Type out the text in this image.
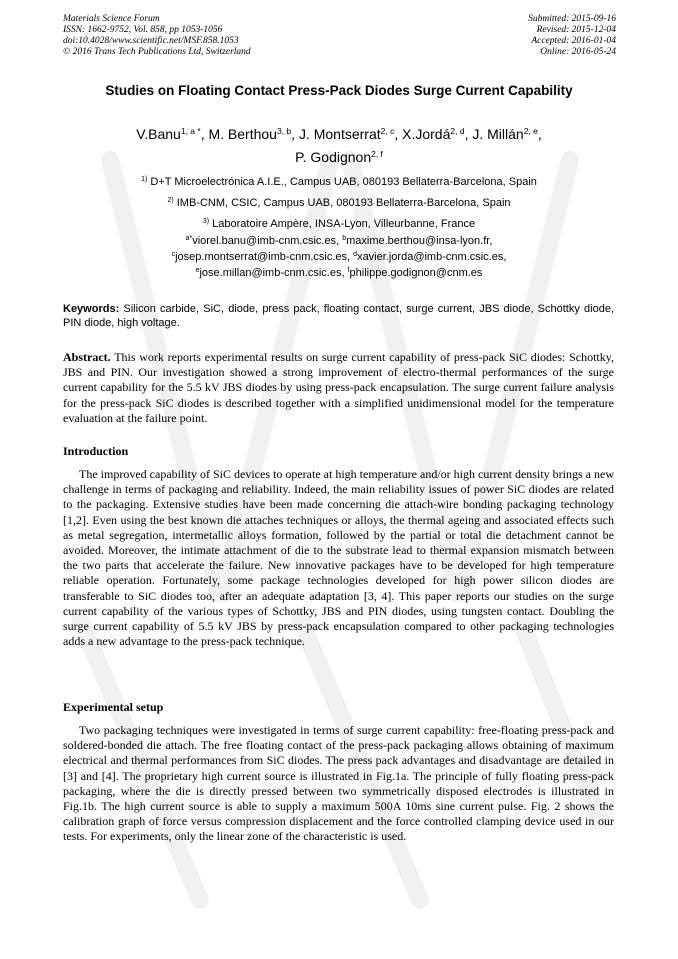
Materials Science Forum
ISSN: 1662-9752, Vol. 858, pp 1053-1056
doi:10.4028/www.scientific.net/MSF.858.1053
© 2016 Trans Tech Publications Ltd, Switzerland
Submitted: 2015-09-16
Revised: 2015-12-04
Accepted: 2016-01-04
Online: 2016-05-24
Studies on Floating Contact Press-Pack Diodes Surge Current Capability
V.Banu$^{1, a *}$, M. Berthou$^{3, b}$, J. Montserrat$^{2, c}$, X.Jordá$^{2, d}$, J. Millán$^{2, e}$,
P. Godignon$^{2, f}$
$^{1)}$ D+T Microelectrónica A.I.E., Campus UAB, 080193 Bellaterra-Barcelona, Spain
$^{2)}$ IMB-CNM, CSIC, Campus UAB, 080193 Bellaterra-Barcelona, Spain
$^{3)}$ Laboratoire Ampère, INSA-Lyon, Villeurbanne, France
$^{a*}$viorel.banu@imb-cnm.csic.es, $^b$maxime.berthou@insa-lyon.fr,
$^c$josep.montserrat@imb-cnm.csic.es, $^d$xavier.jorda@imb-cnm.csic.es,
$^e$jose.millan@imb-cnm.csic.es, $^f$philippe.godignon@cnm.es
Keywords: Silicon carbide, SiC, diode, press pack, floating contact, surge current, JBS diode, Schottky diode, PIN diode, high voltage.
Abstract. This work reports experimental results on surge current capability of press-pack SiC diodes: Schottky, JBS and PIN. Our investigation showed a strong improvement of electro-thermal performances of the surge current capability for the 5.5 kV JBS diodes by using press-pack encapsulation. The surge current failure analysis for the press-pack SiC diodes is described together with a simplified unidimensional model for the temperature evaluation at the failure point.
Introduction
The improved capability of SiC devices to operate at high temperature and/or high current density brings a new challenge in terms of packaging and reliability. Indeed, the main reliability issues of power SiC diodes are related to the packaging. Extensive studies have been made concerning die attach-wire bonding packaging technology [1,2]. Even using the best known die attaches techniques or alloys, the thermal ageing and associated effects such as metal segregation, intermetallic alloys formation, followed by the partial or total die detachment cannot be avoided. Moreover, the intimate attachment of die to the substrate lead to thermal expansion mismatch between the two parts that accelerate the failure. New innovative packages have to be developed for high temperature reliable operation. Fortunately, some package technologies developed for high power silicon diodes are transferable to SiC diodes too, after an adequate adaptation [3, 4]. This paper reports our studies on the surge current capability of the various types of Schottky, JBS and PIN diodes, using tungsten contact. Doubling the surge current capability of 5.5 kV JBS by press-pack encapsulation compared to other packaging technologies adds a new advantage to the press-pack technique.
Experimental setup
Two packaging techniques were investigated in terms of surge current capability: free-floating press-pack and soldered-bonded die attach. The free floating contact of the press-pack packaging allows obtaining of maximum electrical and thermal performances from SiC diodes. The press pack advantages and disadvantage are detailed in [3] and [4]. The proprietary high current source is illustrated in Fig.1a. The principle of fully floating press-pack packaging, where the die is directly pressed between two symmetrically disposed electrodes is illustrated in Fig.1b. The high current source is able to supply a maximum 500A 10ms sine current pulse. Fig. 2 shows the calibration graph of force versus compression displacement and the force controlled clamping device used in our tests. For experiments, only the linear zone of the characteristic is used.
